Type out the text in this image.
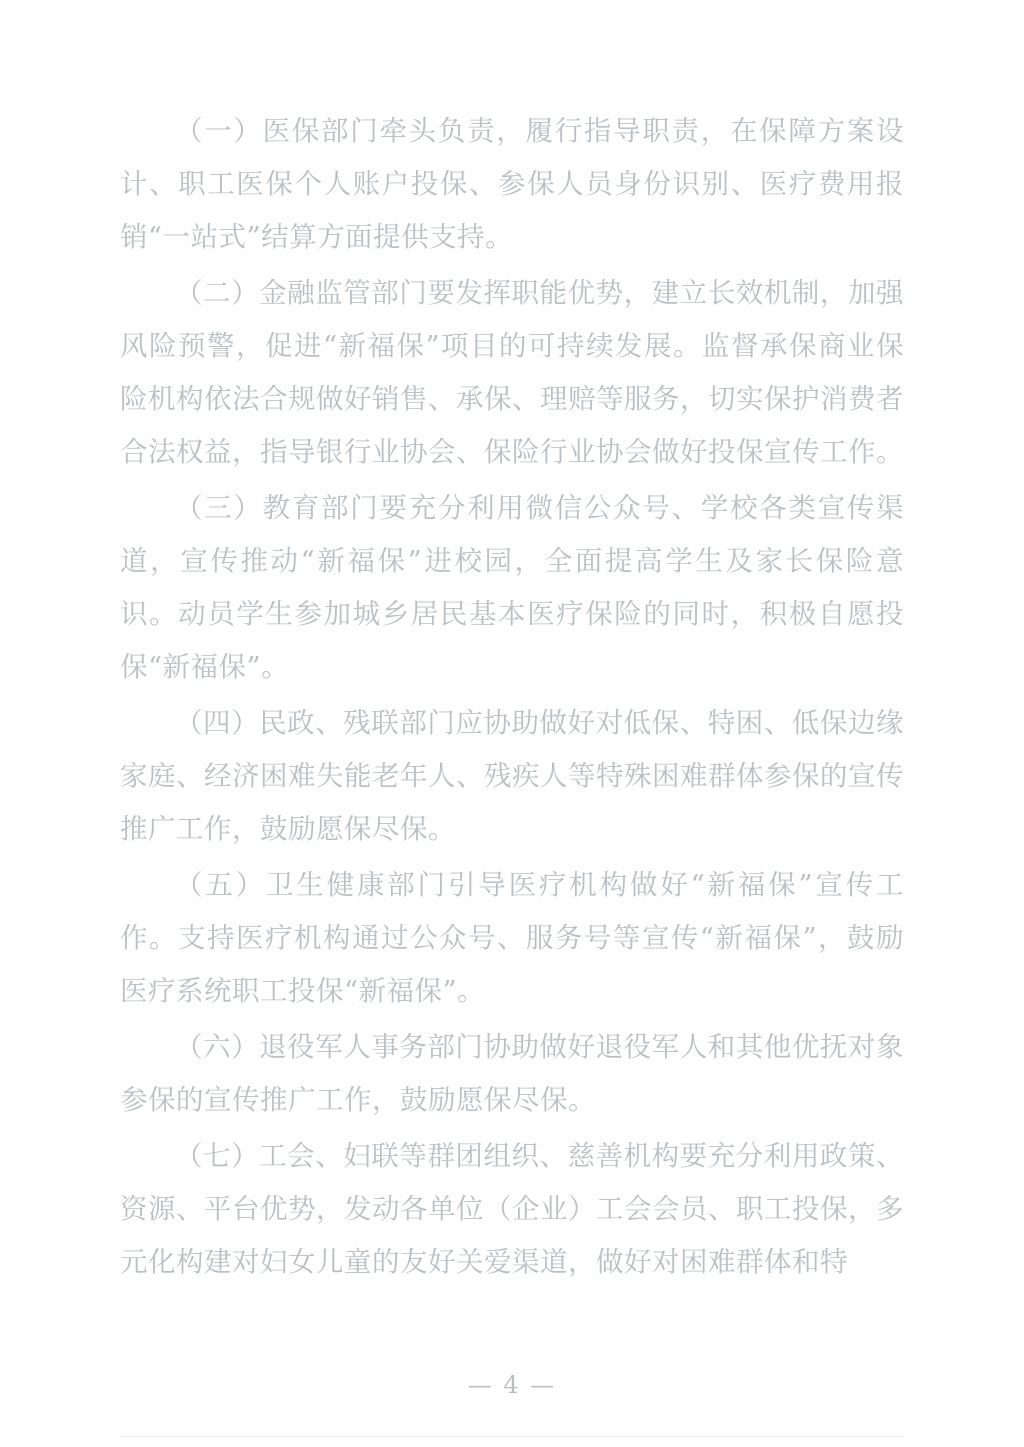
（一）医保部门牵头负责，履行指导职责，在保障方案设计、职工医保个人账户投保、参保人员身份识别、医疗费用报销“一站式”结算方面提供支持。

（二）金融监管部门要发挥职能优势，建立长效机制，加强风险预警，促进“新福保”项目的可持续发展。监督承保商业保险机构依法合规做好销售、承保、理赔等服务，切实保护消费者合法权益，指导银行业协会、保险行业协会做好投保宣传工作。

（三）教育部门要充分利用微信公众号、学校各类宣传渠道，宣传推动“新福保”进校园，全面提高学生及家长保险意识。动员学生参加城乡居民基本医疗保险的同时，积极自愿投保“新福保”。

（四）民政、残联部门应协助做好对低保、特困、低保边缘家庭、经济困难失能老年人、残疾人等特殊困难群体参保的宣传推广工作，鼓励愿保尽保。

（五）卫生健康部门引导医疗机构做好“新福保”宣传工作。支持医疗机构通过公众号、服务号等宣传“新福保”，鼓励医疗系统职工投保“新福保”。

（六）退役军人事务部门协助做好退役军人和其他优抚对象参保的宣传推广工作，鼓励愿保尽保。

（七）工会、妇联等群团组织、慈善机构要充分利用政策、资源、平台优势，发动各单位（企业）工会会员、职工投保，多元化构建对妇女儿童的友好关爱渠道，做好对困难群体和特

— 4 —
